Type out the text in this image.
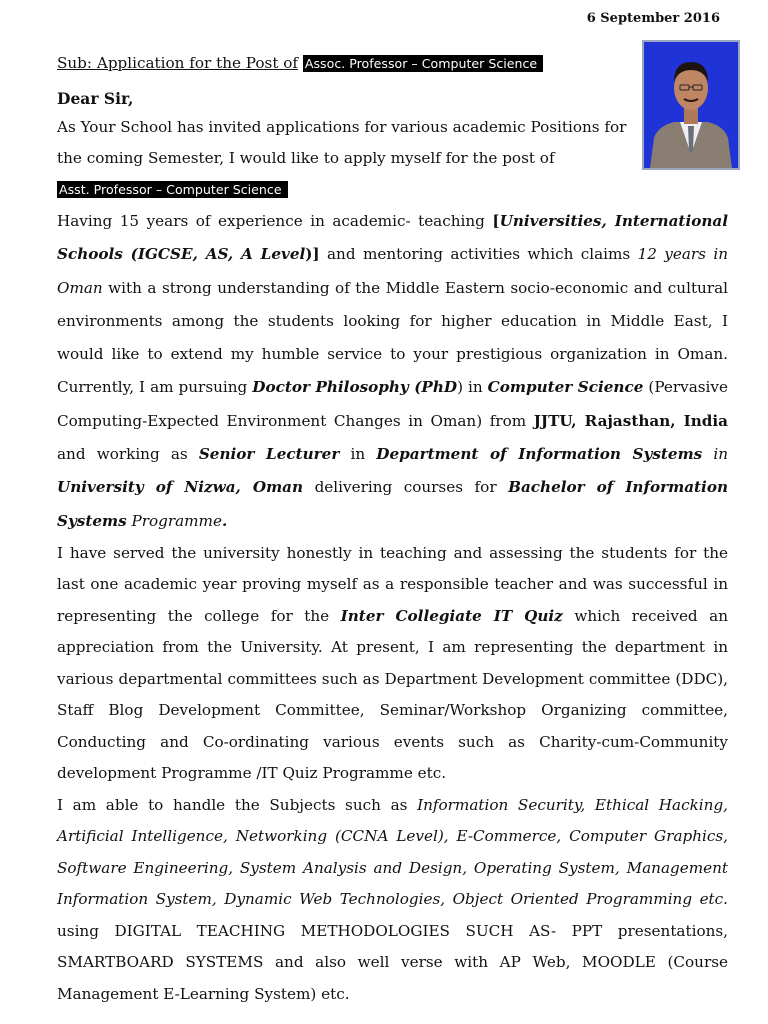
6 September 2016
Sub: Application for the Post of Assoc. Professor – Computer Science
Dear Sir,
As Your School has invited applications for various academic Positions for the coming Semester, I would like to apply myself for the post of
Asst. Professor – Computer Science
Having 15 years of experience in academic- teaching [Universities, International Schools (IGCSE, AS, A Level)] and mentoring activities which claims 12 years in Oman with a strong understanding of the Middle Eastern socio-economic and cultural environments among the students looking for higher education in Middle East, I would like to extend my humble service to your prestigious organization in Oman. Currently, I am pursuing Doctor Philosophy (PhD) in Computer Science (Pervasive Computing-Expected Environment Changes in Oman) from JJTU, Rajasthan, India and working as Senior Lecturer in Department of Information Systems in University of Nizwa, Oman delivering courses for Bachelor of Information Systems Programme.
I have served the university honestly in teaching and assessing the students for the last one academic year proving myself as a responsible teacher and was successful in representing the college for the Inter Collegiate IT Quiz which received an appreciation from the University. At present, I am representing the department in various departmental committees such as Department Development committee (DDC), Staff Blog Development Committee, Seminar/Workshop Organizing committee, Conducting and Co-ordinating various events such as Charity-cum-Community development Programme /IT Quiz Programme etc.
I am able to handle the Subjects such as Information Security, Ethical Hacking, Artificial Intelligence, Networking (CCNA Level), E-Commerce, Computer Graphics, Software Engineering, System Analysis and Design, Operating System, Management Information System, Dynamic Web Technologies, Object Oriented Programming etc. using DIGITAL TEACHING METHODOLOGIES SUCH AS- PPT presentations, SMARTBOARD SYSTEMS and also well verse with AP Web, MOODLE (Course Management E-Learning System) etc.
